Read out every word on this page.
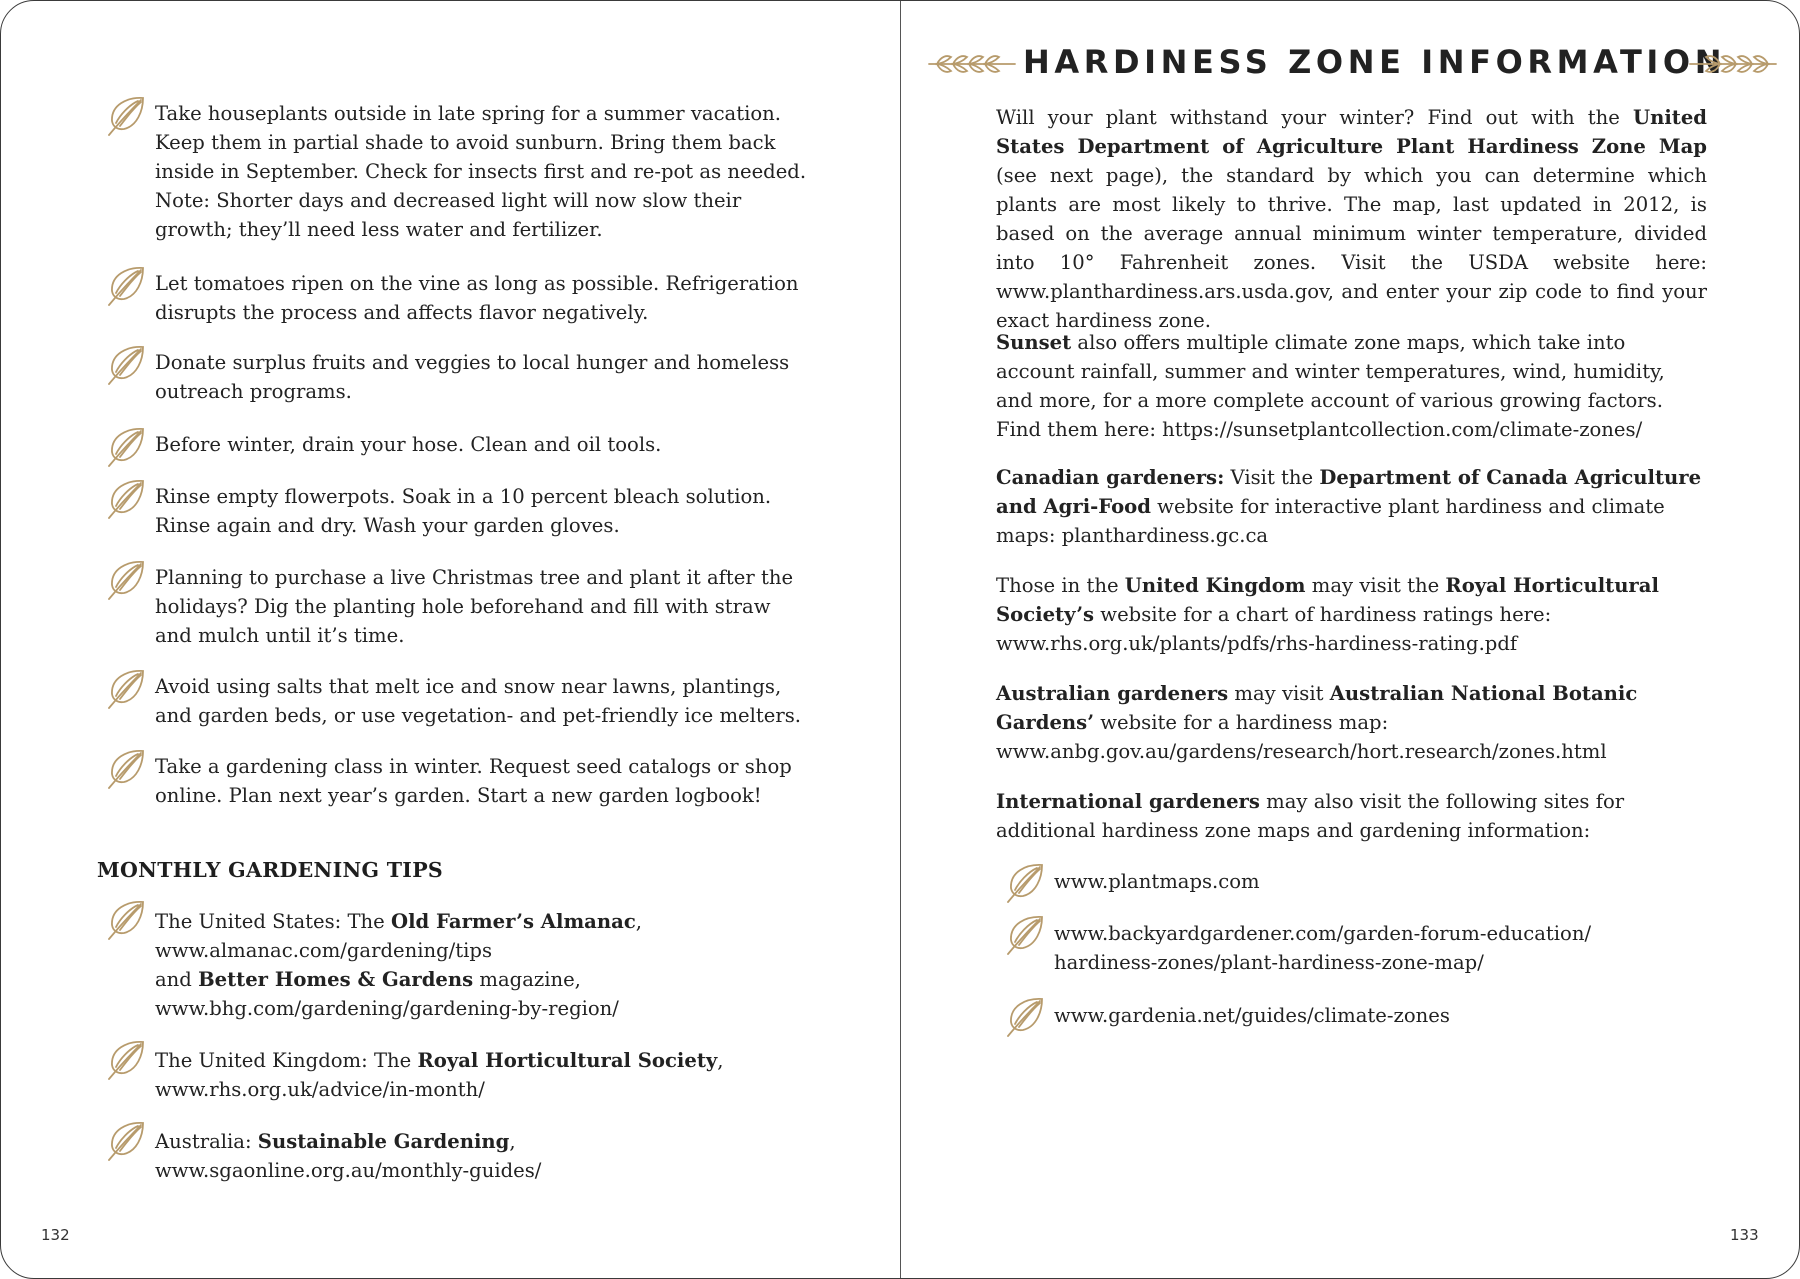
Take houseplants outside in late spring for a summer vacation.
Keep them in partial shade to avoid sunburn. Bring them back
inside in September. Check for insects first and re-pot as needed.
Note: Shorter days and decreased light will now slow their
growth; they’ll need less water and fertilizer.
Let tomatoes ripen on the vine as long as possible. Refrigeration
disrupts the process and affects flavor negatively.
Donate surplus fruits and veggies to local hunger and homeless
outreach programs.
Before winter, drain your hose. Clean and oil tools.
Rinse empty flowerpots. Soak in a 10 percent bleach solution.
Rinse again and dry. Wash your garden gloves.
Planning to purchase a live Christmas tree and plant it after the
holidays? Dig the planting hole beforehand and fill with straw
and mulch until it’s time.
Avoid using salts that melt ice and snow near lawns, plantings,
and garden beds, or use vegetation- and pet-friendly ice melters.
Take a gardening class in winter. Request seed catalogs or shop
online. Plan next year’s garden. Start a new garden logbook!
MONTHLY GARDENING TIPS
The United States: The Old Farmer’s Almanac,
www.almanac.com/gardening/tips
and Better Homes & Gardens magazine,
www.bhg.com/gardening/gardening-by-region/
The United Kingdom: The Royal Horticultural Society,
www.rhs.org.uk/advice/in-month/
Australia: Sustainable Gardening,
www.sgaonline.org.au/monthly-guides/
132
HARDINESS ZONE INFORMATION
Will your plant withstand your winter? Find out with the United States Department of Agriculture Plant Hardiness Zone Map (see next page), the standard by which you can determine which plants are most likely to thrive. The map, last updated in 2012, is based on the average annual minimum winter temperature, divided into 10° Fahrenheit zones. Visit the USDA website here: www.planthardiness.ars.usda.gov, and enter your zip code to find your exact hardiness zone.
Sunset also offers multiple climate zone maps, which take into
account rainfall, summer and winter temperatures, wind, humidity,
and more, for a more complete account of various growing factors.
Find them here: https://sunsetplantcollection.com/climate-zones/
Canadian gardeners: Visit the Department of Canada Agriculture
and Agri-Food website for interactive plant hardiness and climate
maps: planthardiness.gc.ca
Those in the United Kingdom may visit the Royal Horticultural
Society’s website for a chart of hardiness ratings here:
www.rhs.org.uk/plants/pdfs/rhs-hardiness-rating.pdf
Australian gardeners may visit Australian National Botanic
Gardens’ website for a hardiness map:
www.anbg.gov.au/gardens/research/hort.research/zones.html
International gardeners may also visit the following sites for
additional hardiness zone maps and gardening information:
www.plantmaps.com
www.backyardgardener.com/garden-forum-education/
hardiness-zones/plant-hardiness-zone-map/
www.gardenia.net/guides/climate-zones
133
